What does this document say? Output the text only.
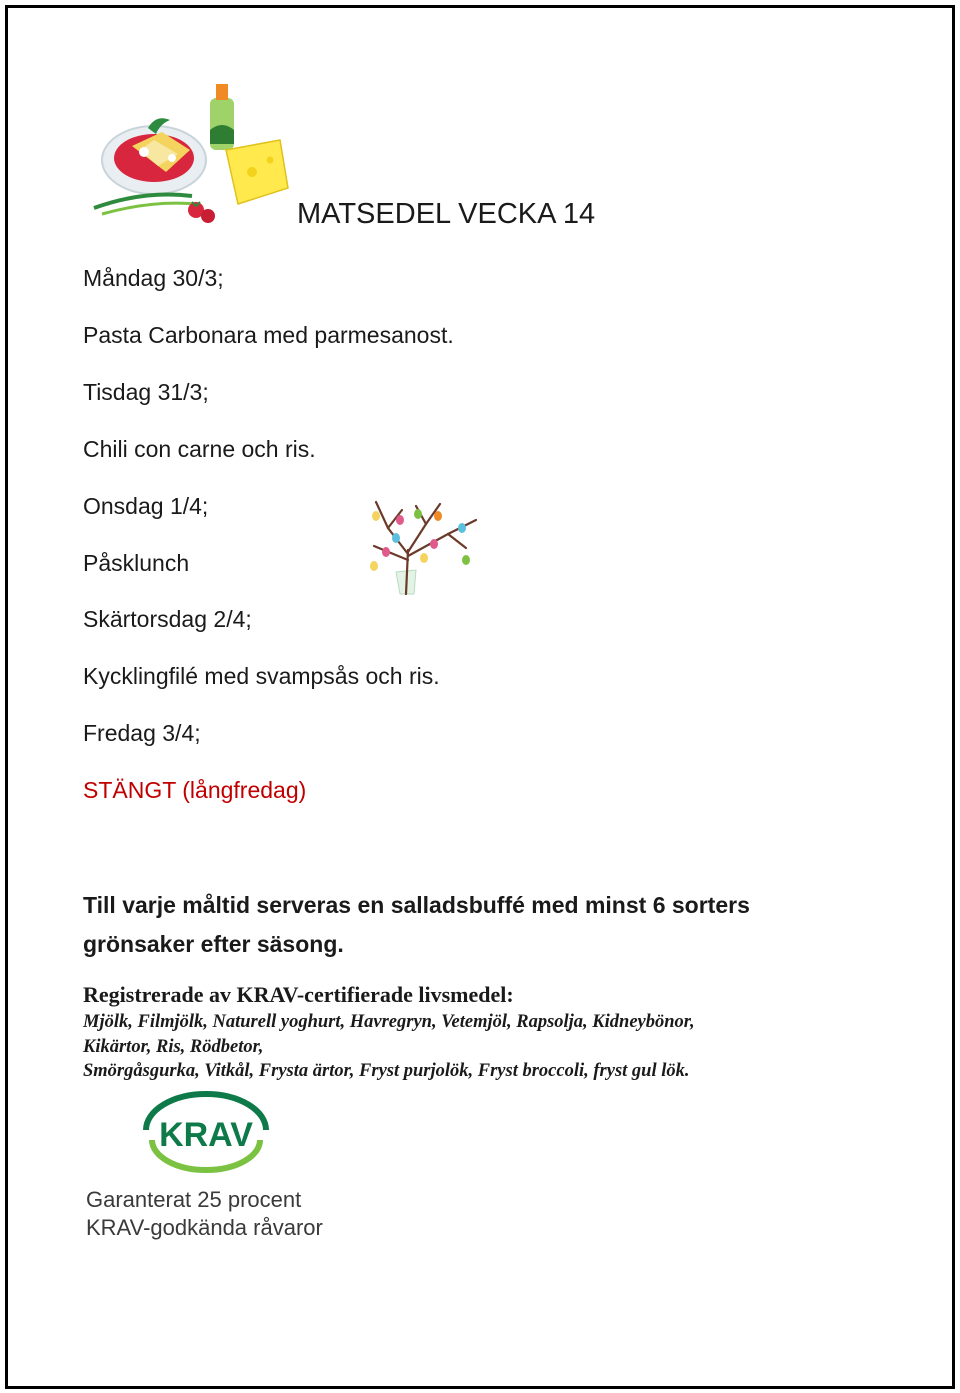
MATSEDEL VECKA 14
Måndag 30/3;
Pasta Carbonara med parmesanost.
Tisdag 31/3;
Chili con carne och ris.
Onsdag 1/4;
Påsklunch
Skärtorsdag 2/4;
Kycklingfilé med svampsås och ris.
Fredag 3/4;
STÄNGT (långfredag)
Till varje måltid serveras en salladsbuffé med minst 6 sorters grönsaker efter säsong.
Registrerade av KRAV-certifierade livsmedel:
Mjölk, Filmjölk, Naturell yoghurt, Havregryn, Vetemjöl, Rapsolja, Kidneybönor,
Kikärtor, Ris, Rödbetor,
Smörgåsgurka, Vitkål, Frysta ärtor, Fryst purjolök, Fryst broccoli, fryst gul lök.
KRAV
Garanterat 25 procent
KRAV-godkända råvaror
